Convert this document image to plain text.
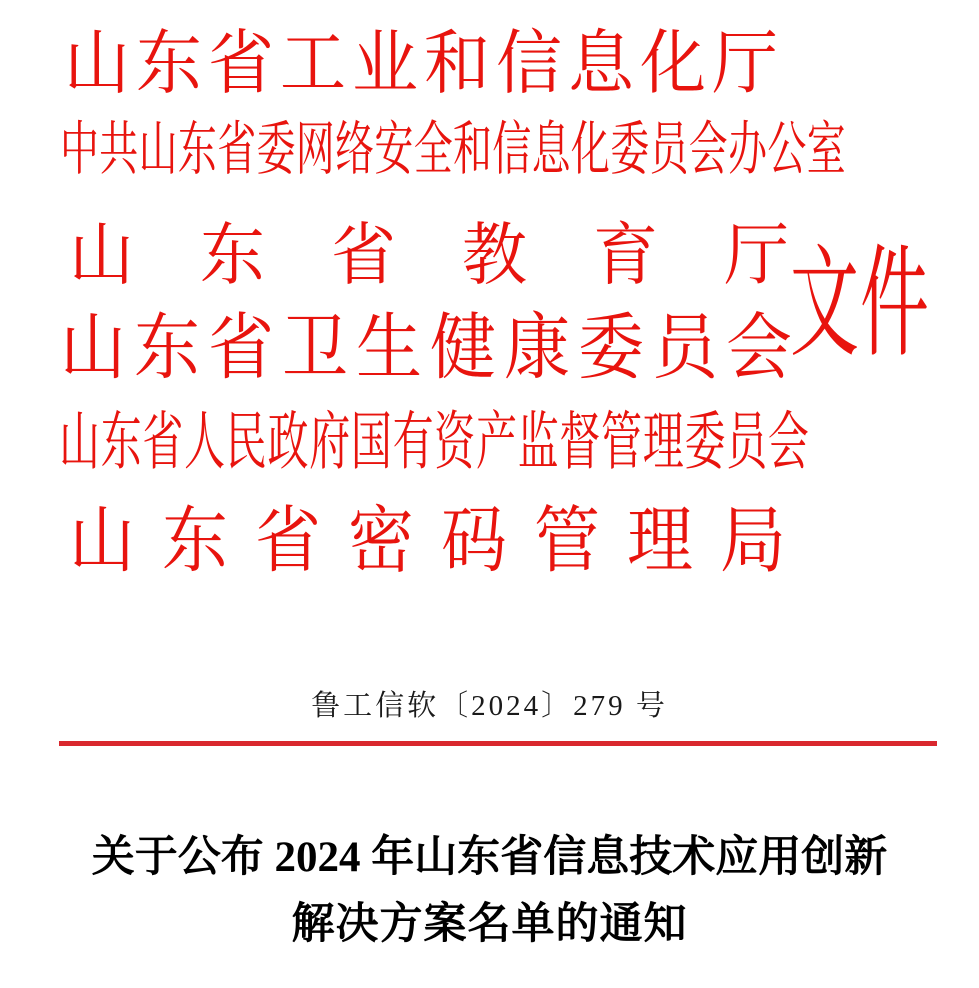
山东省工业和信息化厅
中共山东省委网络安全和信息化委员会办公室
山东省教育厅
山东省卫生健康委员会
山东省人民政府国有资产监督管理委员会
山东省密码管理局
文件
鲁工信软〔2024〕279 号
关于公布 2024 年山东省信息技术应用创新
解决方案名单的通知
